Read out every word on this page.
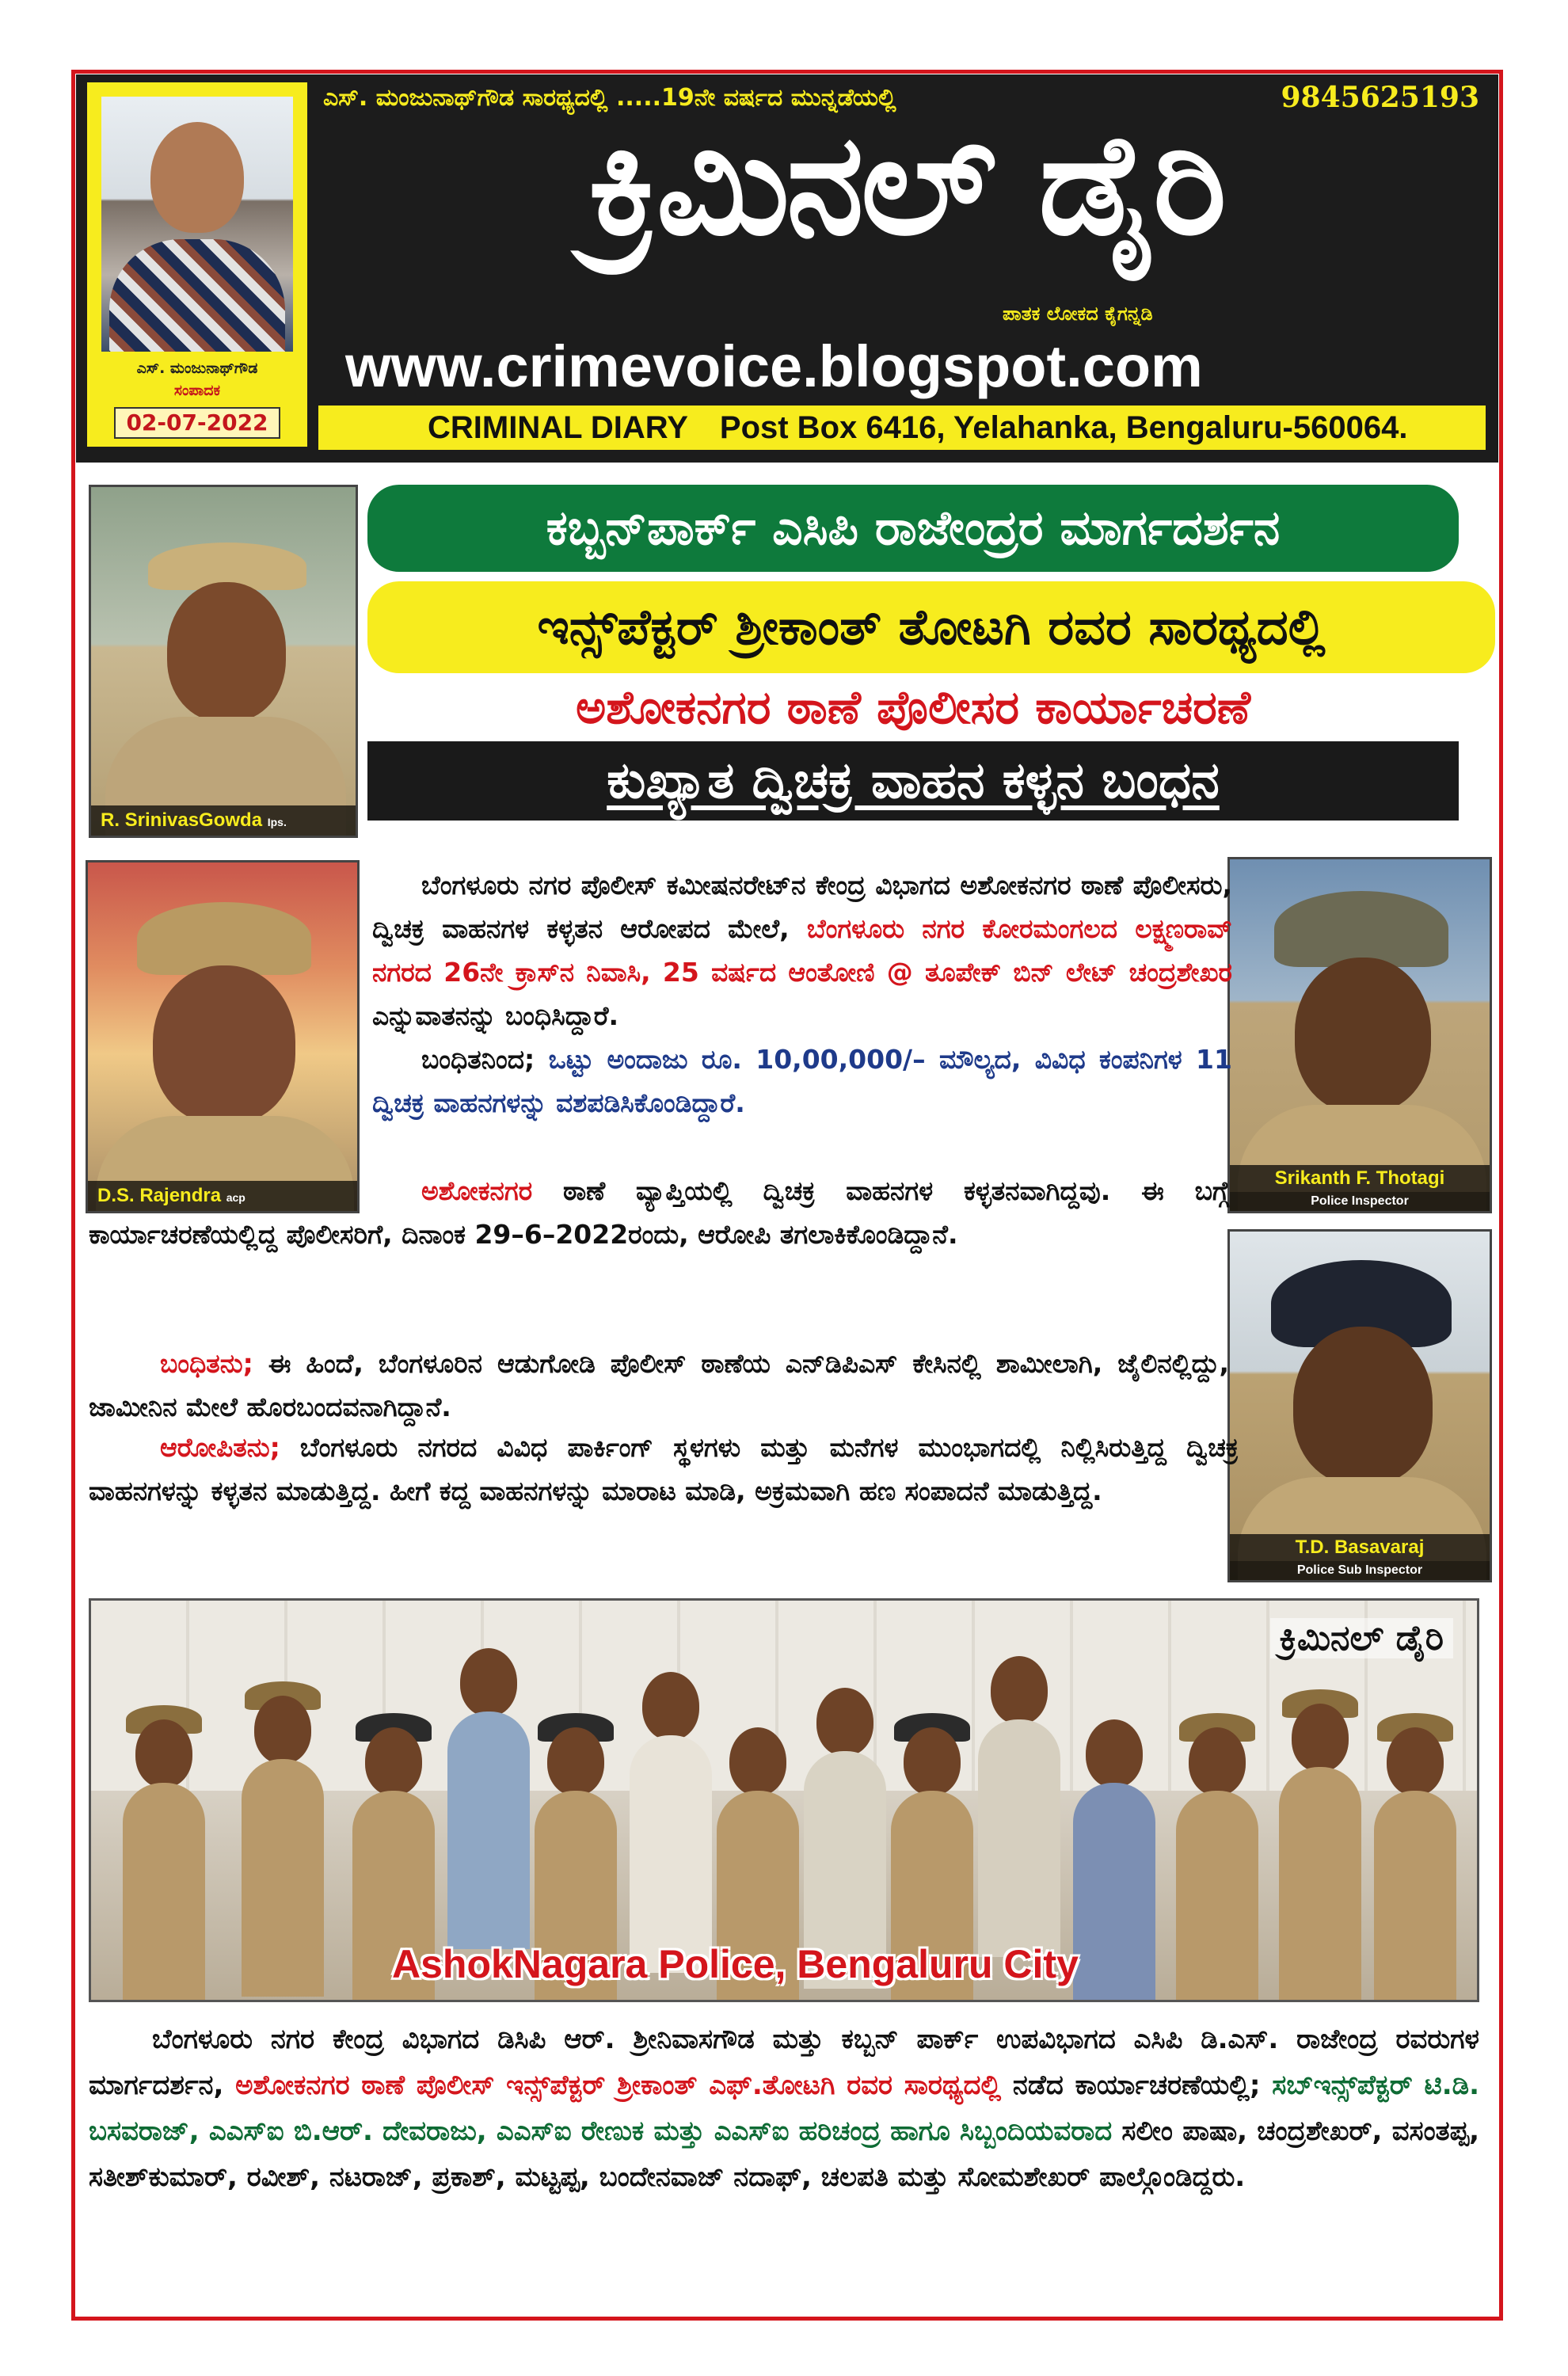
ಎಸ್. ಮಂಜುನಾಥ್‌ಗೌಡ
ಸಂಪಾದಕ
02-07-2022
ಎಸ್. ಮಂಜುನಾಥ್‌ಗೌಡ ಸಾರಥ್ಯದಲ್ಲಿ .....19ನೇ ವರ್ಷದ ಮುನ್ನಡೆಯಲ್ಲಿ	9845625193
ಕ್ರಿಮಿನಲ್ ಡೈರಿ
ಪಾತಕ ಲೋಕದ ಕೈಗನ್ನಡಿ
www.crimevoice.blogspot.com
CRIMINAL DIARY Post Box 6416, Yelahanka, Bengaluru-560064.
R. SrinivasGowda Ips.
ಕಬ್ಬನ್‌ಪಾರ್ಕ್ ಎಸಿಪಿ ರಾಜೇಂದ್ರರ ಮಾರ್ಗದರ್ಶನ
ಇನ್ಸ್‌ಪೆಕ್ಟರ್ ಶ್ರೀಕಾಂತ್ ತೋಟಗಿ ರವರ ಸಾರಥ್ಯದಲ್ಲಿ
ಅಶೋಕನಗರ ಠಾಣೆ ಪೊಲೀಸರ ಕಾರ್ಯಾಚರಣೆ
ಕುಖ್ಯಾತ ದ್ವಿಚಕ್ರ ವಾಹನ ಕಳ್ಳನ ಬಂಧನ
D.S. Rajendra acp
Srikanth F. Thotagi
Police Inspector
T.D. Basavaraj
Police Sub Inspector
ಬೆಂಗಳೂರು ನಗರ ಪೊಲೀಸ್ ಕಮೀಷನರೇಟ್‌ನ ಕೇಂದ್ರ ವಿಭಾಗದ ಅಶೋಕನಗರ ಠಾಣೆ ಪೊಲೀಸರು, ದ್ವಿಚಕ್ರ ವಾಹನಗಳ ಕಳ್ಳತನ ಆರೋಪದ ಮೇಲೆ, ಬೆಂಗಳೂರು ನಗರ ಕೋರಮಂಗಲದ ಲಕ್ಷ್ಮಣರಾವ್ ನಗರದ 26ನೇ ಕ್ರಾಸ್‌ನ ನಿವಾಸಿ, 25 ವರ್ಷದ ಆಂತೋಣಿ @ ತೂಪೇಕ್ ಬಿನ್ ಲೇಟ್ ಚಂದ್ರಶೇಖರ ಎನ್ನುವಾತನನ್ನು ಬಂಧಿಸಿದ್ದಾರೆ.
ಬಂಧಿತನಿಂದ; ಒಟ್ಟು ಅಂದಾಜು ರೂ. 10,00,000/– ಮೌಲ್ಯದ, ವಿವಿಧ ಕಂಪನಿಗಳ 11 ದ್ವಿಚಕ್ರ ವಾಹನಗಳನ್ನು ವಶಪಡಿಸಿಕೊಂಡಿದ್ದಾರೆ.
ಅಶೋಕನಗರ ಠಾಣೆ ವ್ಯಾಪ್ತಿಯಲ್ಲಿ ದ್ವಿಚಕ್ರ ವಾಹನಗಳ ಕಳ್ಳತನವಾಗಿದ್ದವು. ಈ ಬಗ್ಗೆ ಕಾರ್ಯಾಚರಣೆಯಲ್ಲಿದ್ದ ಪೊಲೀಸರಿಗೆ, ದಿನಾಂಕ 29–6–2022ರಂದು, ಆರೋಪಿ ತಗಲಾಕಿಕೊಂಡಿದ್ದಾನೆ.
ಬಂಧಿತನು; ಈ ಹಿಂದೆ, ಬೆಂಗಳೂರಿನ ಆಡುಗೋಡಿ ಪೊಲೀಸ್ ಠಾಣೆಯ ಎನ್‌ಡಿಪಿಎಸ್ ಕೇಸಿನಲ್ಲಿ ಶಾಮೀಲಾಗಿ, ಜೈಲಿನಲ್ಲಿದ್ದು, ಜಾಮೀನಿನ ಮೇಲೆ ಹೊರಬಂದವನಾಗಿದ್ದಾನೆ.
ಆರೋಪಿತನು; ಬೆಂಗಳೂರು ನಗರದ ವಿವಿಧ ಪಾರ್ಕಿಂಗ್ ಸ್ಥಳಗಳು ಮತ್ತು ಮನೆಗಳ ಮುಂಭಾಗದಲ್ಲಿ ನಿಲ್ಲಿಸಿರುತ್ತಿದ್ದ ದ್ವಿಚಕ್ರ ವಾಹನಗಳನ್ನು ಕಳ್ಳತನ ಮಾಡುತ್ತಿದ್ದ. ಹೀಗೆ ಕದ್ದ ವಾಹನಗಳನ್ನು ಮಾರಾಟ ಮಾಡಿ, ಅಕ್ರಮವಾಗಿ ಹಣ ಸಂಪಾದನೆ ಮಾಡುತ್ತಿದ್ದ.
ಕ್ರಿಮಿನಲ್ ಡೈರಿ
AshokNagara Police, Bengaluru City
ಬೆಂಗಳೂರು ನಗರ ಕೇಂದ್ರ ವಿಭಾಗದ ಡಿಸಿಪಿ ಆರ್. ಶ್ರೀನಿವಾಸಗೌಡ ಮತ್ತು ಕಬ್ಬನ್ ಪಾರ್ಕ್ ಉಪವಿಭಾಗದ ಎಸಿಪಿ ಡಿ.ಎಸ್. ರಾಜೇಂದ್ರ ರವರುಗಳ ಮಾರ್ಗದರ್ಶನ, ಅಶೋಕನಗರ ಠಾಣೆ ಪೊಲೀಸ್ ಇನ್ಸ್‌ಪೆಕ್ಟರ್ ಶ್ರೀಕಾಂತ್ ಎಫ್.ತೋಟಗಿ ರವರ ಸಾರಥ್ಯದಲ್ಲಿ ನಡೆದ ಕಾರ್ಯಾಚರಣೆಯಲ್ಲಿ; ಸಬ್‌ಇನ್ಸ್‌ಪೆಕ್ಟರ್ ಟಿ.ಡಿ. ಬಸವರಾಜ್, ಎಎಸ್‌ಐ ಬಿ.ಆರ್. ದೇವರಾಜು, ಎಎಸ್‌ಐ ರೇಣುಕ ಮತ್ತು ಎಎಸ್‌ಐ ಹರಿಚಂದ್ರ ಹಾಗೂ ಸಿಬ್ಬಂದಿಯವರಾದ ಸಲೀಂ ಪಾಷಾ, ಚಂದ್ರಶೇಖರ್, ವಸಂತಪ್ಪ, ಸತೀಶ್‌ಕುಮಾರ್, ರವೀಶ್, ನಟರಾಜ್, ಪ್ರಕಾಶ್, ಮಟ್ಟಪ್ಪ, ಬಂದೇನವಾಜ್ ನದಾಫ್, ಚಲಪತಿ ಮತ್ತು ಸೋಮಶೇಖರ್ ಪಾಲ್ಗೊಂಡಿದ್ದರು.
